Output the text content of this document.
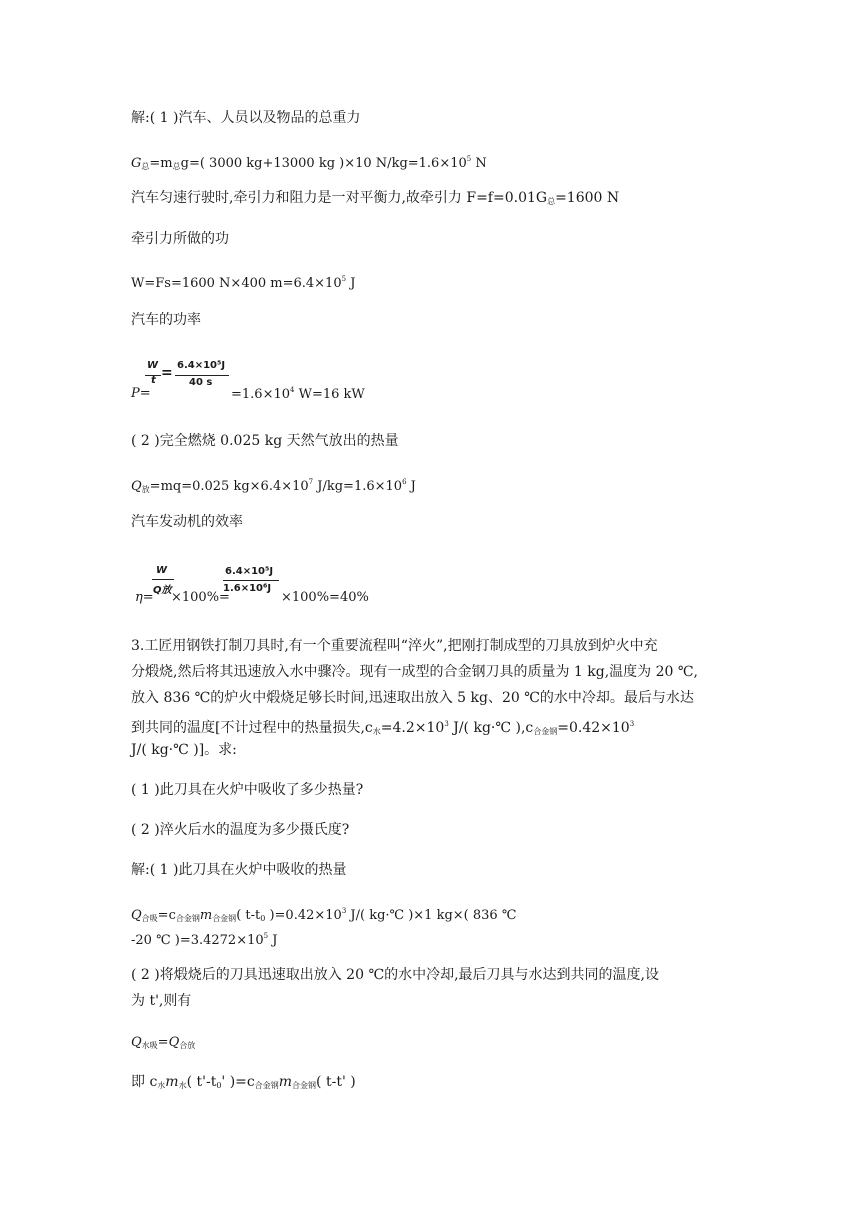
解:( 1 )汽车、人员以及物品的总重力
$G_总=m_总g=$( 3000 kg+13000 kg )×10 $N/kg=1.6\times 10^5$ N
汽车匀速行驶时,牵引力和阻力是一对平衡力,故牵引力 $F=f=0.01G_总=1600$ N
牵引力所做的功
W=Fs=1600 N×400 $m=6.4\times 10^5$ J
汽车的功率
W
t = 6.4×10⁵J
40 s
P=	$=1.6\times 10^4$ W=16 kW
( 2 )完全燃烧 0.025 kg 天然气放出的热量
$Q_放=mq=0.025$ $kg\times 6.4\times 10^7$ $J/kg=1.6\times 10^6$ J
汽车发动机的效率
W
Q放
6.4×10⁵J
1.6×10⁶J
η= ×100%=	×100%=40%
3.工匠用钢铁打制刀具时,有一个重要流程叫“淬火”,把刚打制成型的刀具放到炉火中充
分煅烧,然后将其迅速放入水中骤冷。现有一成型的合金钢刀具的质量为 1 kg,温度为 20 ℃,
放入 836 ℃的炉火中煅烧足够长时间,迅速取出放入 5 kg、20 ℃的水中冷却。最后与水达
到共同的温度[不计过程中的热量损失$,c_水=4.2\times 10^3$ J/( kg·℃ )$,c_{合金钢}=0.42\times 10^3$
J/( kg·℃ )]。求:
( 1 )此刀具在火炉中吸收了多少热量?
( 2 )淬火后水的温度为多少摄氏度?
解:( 1 )此刀具在火炉中吸收的热量
$Q_{合吸}=c_{合金钢}m_{合金钢}$( $t-t_0$ )$=0.42\times 10^3$ J/( kg·℃ )×1 kg×( 836 ℃
-20 ℃ )$=3.4272\times 10^5$ J
( 2 )将煅烧后的刀具迅速取出放入 20 ℃的水中冷却,最后刀具与水达到共同的温度,设
为 t',则有
$Q_{水吸}=Q_{合放}$
即 $c_水m_水$( $t'-t_0'$ )$=c_{合金钢}m_{合金钢}$( t-t' )
